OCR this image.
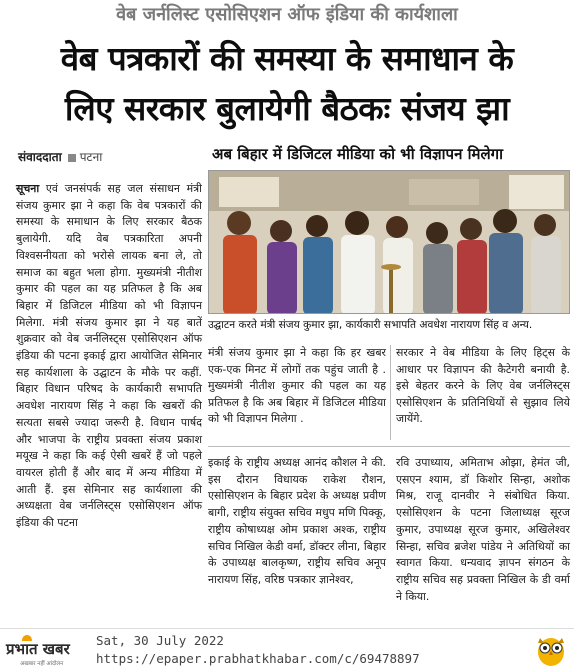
वेब जर्नलिस्ट एसोसिएशन ऑफ इंडिया की कार्यशाला
वेब पत्रकारों की समस्या के समाधान के
लिए सरकार बुलायेगी बैठकः संजय झा
संवाददाता पटना	अब बिहार में डिजिटल मीडिया को भी विज्ञापन मिलेगा
उद्घाटन करते मंत्री संजय कुमार झा, कार्यकारी सभापति अवधेश नारायण सिंह व अन्य.

सूचना एवं जनसंपर्क सह जल संसाधन मंत्री संजय कुमार झा ने कहा कि वेब पत्रकारों की समस्या के समाधान के लिए सरकार बैठक बुलायेगी. यदि वेब पत्रकारिता अपनी विश्वसनीयता को भरोसे लायक बना ले, तो समाज का बहुत भला होगा. मुख्यमंत्री नीतीश कुमार की पहल का यह प्रतिफल है कि अब बिहार में डिजिटल मीडिया को भी विज्ञापन मिलेगा. मंत्री संजय कुमार झा ने यह बातें शुक्रवार को वेब जर्नलिस्ट्स एसोसिएशन ऑफ इंडिया की पटना इकाई द्वारा आयोजित सेमिनार सह कार्यशाला के उद्घाटन के मौके पर कहीं. बिहार विधान परिषद के कार्यकारी सभापति अवधेश नारायण सिंह ने कहा कि खबरों की सत्यता सबसे ज्यादा जरूरी है. विधान पार्षद और भाजपा के राष्ट्रीय प्रवक्ता संजय प्रकाश मयूख ने कहा कि कई ऐसी खबरें हैं जो पहले वायरल होती हैं और बाद में अन्य मीडिया में आती हैं. इस सेमिनार सह कार्यशाला की अध्यक्षता वेब जर्नलिस्ट्स एसोसिएशन ऑफ इंडिया की पटना

मंत्री संजय कुमार झा ने कहा कि हर खबर एक-एक मिनट में लोगों तक पहुंच जाती है . मुख्यमंत्री नीतीश कुमार की पहल का यह प्रतिफल है कि अब बिहार में डिजिटल मीडिया को भी विज्ञापन मिलेगा .
सरकार ने वेब मीडिया के लिए हिट्स के आधार पर विज्ञापन की कैटेगरी बनायी है. इसे बेहतर करने के लिए वेब जर्नलिस्ट्स एसोसिएशन के प्रतिनिधियों से सुझाव लिये जायेंगे.
इकाई के राष्ट्रीय अध्यक्ष आनंद कौशल ने की. इस दौरान विधायक राकेश रौशन, एसोसिएशन के बिहार प्रदेश के अध्यक्ष प्रवीण बागी, राष्ट्रीय संयुक्त सचिव मधुप मणि पिक्कू, राष्ट्रीय कोषाध्यक्ष ओम प्रकाश अश्क, राष्ट्रीय सचिव निखिल केडी वर्मा, डॉक्टर लीना, बिहार के उपाध्यक्ष बालकृष्ण, राष्ट्रीय सचिव अनूप नारायण सिंह, वरिष्ठ पत्रकार ज्ञानेश्वर,
रवि उपाध्याय, अमिताभ ओझा, हेमंत जी, एसएन श्याम, डॉ किशोर सिन्हा, अशोक मिश्र, राजू दानवीर ने संबोधित किया. एसोसिएशन के पटना जिलाध्यक्ष सूरज कुमार, उपाध्यक्ष सूरज कुमार, अखिलेश्वर सिन्हा, सचिव ब्रजेश पांडेय ने अतिथियों का स्वागत किया. धन्यवाद ज्ञापन संगठन के राष्ट्रीय सचिव सह प्रवक्ता निखिल के डी वर्मा ने किया.
प्रभात खबर
अखबार नहीं आंदोलन
Sat, 30 July 2022
https://epaper.prabhatkhabar.com/c/69478897
